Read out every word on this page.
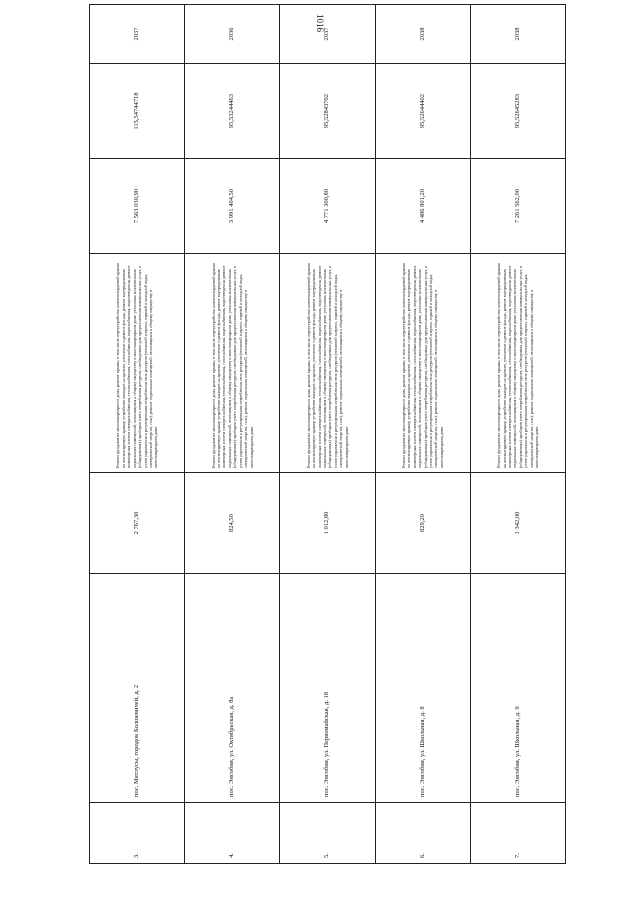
1016
3.	пос. Мятлусы, городок Болшевичей, д. 2	2 767,30	Ремонт фундамента многоквартирного дома, ремонт крыши, в том числе переустройство невентилируемой крыши на вентилируемую крышу, устройство выходов на кровлю, утепление и ремонт фасада, ремонт внутридомовых инженерных систем электроснабжения, теплоснабжения, газоснабжения, водоснабжения, водоотведения, ремонт подвальных помещений, относящихся к общему имуществу в многоквартирном доме, установка коллективных (общедомовых) приборов учета потребления ресурсов, необходимых для предоставления коммунальных услуг, и узлов управления и регулирования потребления этих ресурсов (тепловой энергии, горячей и холодной воды, электрической энергии, газа), ремонт подвальных помещений, относящихся к общему имуществу в многоквартирном доме	7 563 030,90	115,54744718	2037
4.	пос. Энсобия, ул. Октябрьская, д. 8а	824,50	Ремонт фундамента многоквартирного дома, ремонт крыши, в том числе переустройство невентилируемой крыши на вентилируемую крышу, устройство выходов на кровлю, утепление и ремонт фасада, ремонт внутридомовых инженерных систем электроснабжения, теплоснабжения, газоснабжения, водоснабжения, водоотведения, ремонт подвальных помещений, относящихся к общему имуществу в многоквартирном доме, установка коллективных (общедомовых) приборов учета потребления ресурсов, необходимых для предоставления коммунальных услуг, и узлов управления и регулирования потребления этих ресурсов (тепловой энергии, горячей и холодной воды, электрической энергии, газа), ремонт подвальных помещений, относящихся к общему имуществу в многоквартирном доме	3 991 404,50	95,53244463	2036
5.	пос. Энсобия, ул. Первомайская, д. 18	1 012,80	Ремонт фундамента многоквартирного дома, ремонт крыши, в том числе переустройство невентилируемой крыши на вентилируемую крышу, устройство выходов на кровлю, утепление и ремонт фасада, ремонт внутридомовых инженерных систем электроснабжения, теплоснабжения, газоснабжения, водоснабжения, водоотведения, ремонт подвальных помещений, относящихся к общему имуществу в многоквартирном доме, установка коллективных (общедомовых) приборов учета потребления ресурсов, необходимых для предоставления коммунальных услуг, и узлов управления и регулирования потребления этих ресурсов (тепловой энергии, горячей и холодной воды, электрической энергии, газа), ремонт подвальных помещений, относящихся к общему имуществу в многоквартирном доме	4 771 300,80	95,52843702	2037
6.	пос. Энсобия, ул. Школьная, д. 8	829,20	Ремонт фундамента многоквартирного дома, ремонт крыши, в том числе переустройство невентилируемой крыши на вентилируемую крышу, устройство выходов на кровлю, утепление и ремонт фасада, ремонт внутридомовых инженерных систем электроснабжения, теплоснабжения, газоснабжения, водоснабжения, водоотведения, ремонт подвальных помещений, относящихся к общему имуществу в многоквартирном доме, установка коллективных (общедомовых) приборов учета потребления ресурсов, необходимых для предоставления коммунальных услуг, и узлов управления и регулирования потребления этих ресурсов (тепловой энергии, горячей и холодной воды, электрической энергии, газа), ремонт подвальных помещений, относящихся к общему имуществу в многоквартирном доме	4 486 801,20	95,52644402	2038
7.	пос. Энсобия, ул. Школьная, д. 9	1 342,00	Ремонт фундамента многоквартирного дома, ремонт крыши, в том числе переустройство невентилируемой крыши на вентилируемую крышу, устройство выходов на кровлю, утепление и ремонт фасада, ремонт внутридомовых инженерных систем электроснабжения, теплоснабжения, газоснабжения, водоснабжения, водоотведения, ремонт подвальных помещений, относящихся к общему имуществу в многоквартирном доме, установка коллективных (общедомовых) приборов учета потребления ресурсов, необходимых для предоставления коммунальных услуг, и узлов управления и регулирования потребления этих ресурсов (тепловой энергии, горячей и холодной воды, электрической энергии, газа), ремонт подвальных помещений, относящихся к общему имуществу в многоквартирном доме	7 261 562,00	95,52645283	2038
